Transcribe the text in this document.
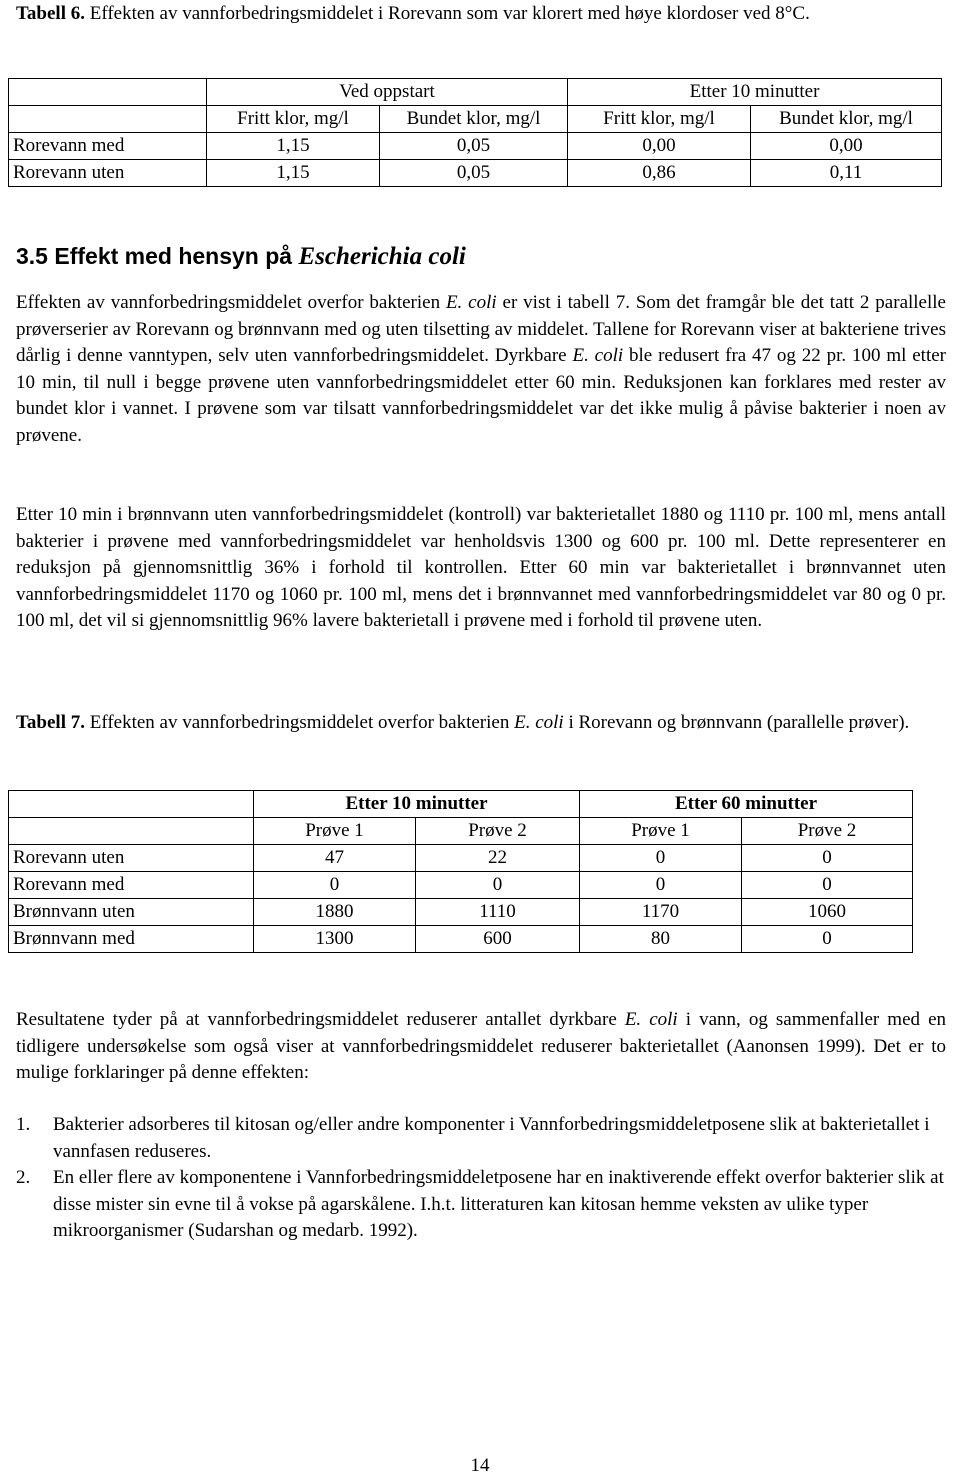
Tabell 6. Effekten av vannforbedringsmiddelet i Rorevann som var klorert med høye klordoser ved 8°C.

	Ved oppstart		Etter 10 minutter	
	Fritt klor, mg/l	Bundet klor, mg/l	Fritt klor, mg/l	Bundet klor, mg/l
Rorevann med	1,15	0,05	0,00	0,00
Rorevann uten	1,15	0,05	0,86	0,11
3.5 Effekt med hensyn på Escherichia coli

Effekten av vannforbedringsmiddelet overfor bakterien E. coli er vist i tabell 7. Som det framgår ble det tatt 2 parallelle prøverserier av Rorevann og brønnvann med og uten tilsetting av middelet. Tallene for Rorevann viser at bakteriene trives dårlig i denne vanntypen, selv uten vannforbedringsmiddelet. Dyrkbare E. coli ble redusert fra 47 og 22 pr. 100 ml etter 10 min, til null i begge prøvene uten vannforbedringsmiddelet etter 60 min. Reduksjonen kan forklares med rester av bundet klor i vannet. I prøvene som var tilsatt vannforbedringsmiddelet var det ikke mulig å påvise bakterier i noen av prøvene.

Etter 10 min i brønnvann uten vannforbedringsmiddelet (kontroll) var bakterietallet 1880 og 1110 pr. 100 ml, mens antall bakterier i prøvene med vannforbedringsmiddelet var henholdsvis 1300 og 600 pr. 100 ml. Dette representerer en reduksjon på gjennomsnittlig 36% i forhold til kontrollen. Etter 60 min var bakterietallet i brønnvannet uten vannforbedringsmiddelet 1170 og 1060 pr. 100 ml, mens det i brønnvannet med vannforbedringsmiddelet var 80 og 0 pr. 100 ml, det vil si gjennomsnittlig 96% lavere bakterietall i prøvene med i forhold til prøvene uten.

Tabell 7. Effekten av vannforbedringsmiddelet overfor bakterien E. coli i Rorevann og brønnvann (parallelle prøver).

	Etter 10 minutter		Etter 60 minutter	
	Prøve 1	Prøve 2	Prøve 1	Prøve 2
Rorevann uten	47	22	0	0
Rorevann med	0	0	0	0
Brønnvann uten	1880	1110	1170	1060
Brønnvann med	1300	600	80	0

Resultatene tyder på at vannforbedringsmiddelet reduserer antallet dyrkbare E. coli i vann, og sammenfaller med en tidligere undersøkelse som også viser at vannforbedringsmiddelet reduserer bakterietallet (Aanonsen 1999). Det er to mulige forklaringer på denne effekten:

1. Bakterier adsorberes til kitosan og/eller andre komponenter i Vannforbedringsmiddeletposene slik at bakterietallet i vannfasen reduseres.
2. En eller flere av komponentene i Vannforbedringsmiddeletposene har en inaktiverende effekt overfor bakterier slik at disse mister sin evne til å vokse på agarskålene. I.h.t. litteraturen kan kitosan hemme veksten av ulike typer mikroorganismer (Sudarshan og medarb. 1992).

14
